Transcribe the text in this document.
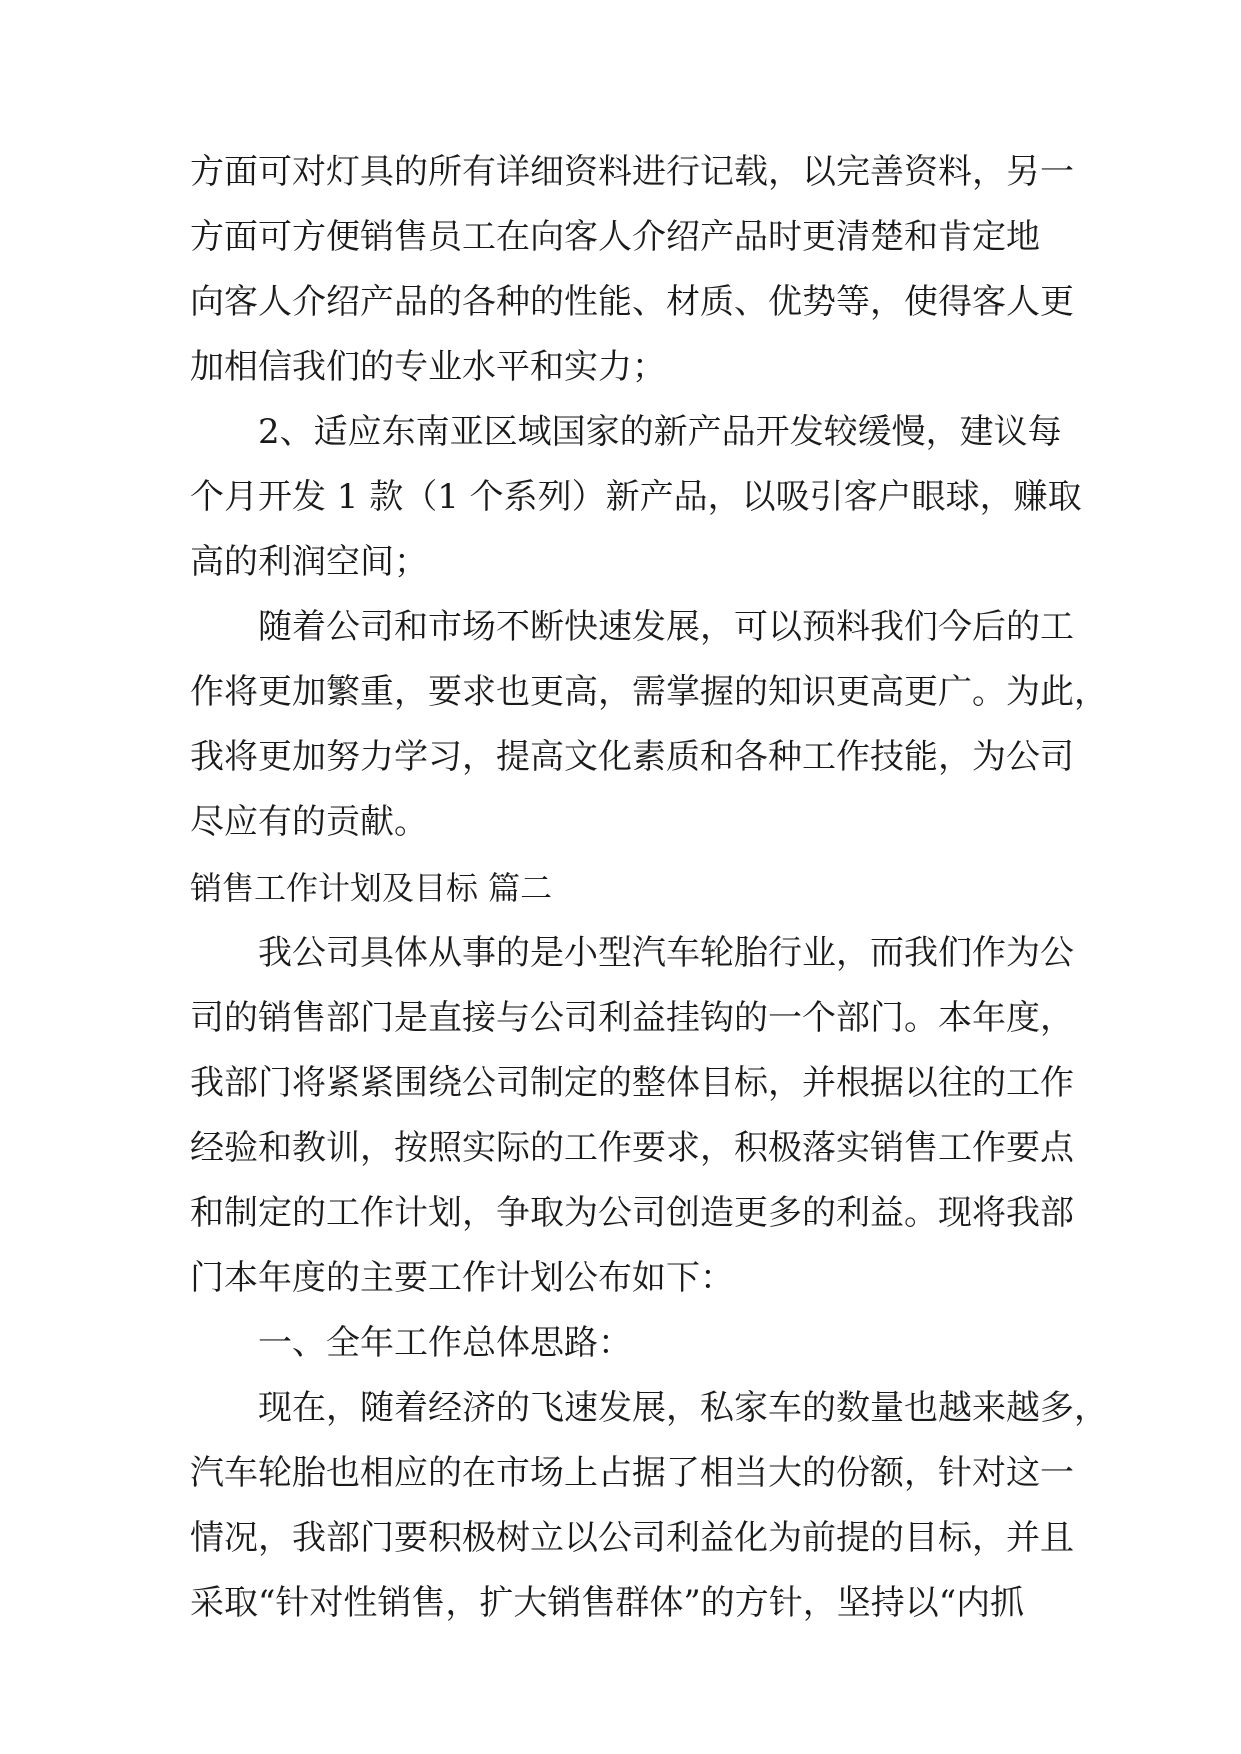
方面可对灯具的所有详细资料进行记载，以完善资料，另一
方面可方便销售员工在向客人介绍产品时更清楚和肯定地
向客人介绍产品的各种的性能、材质、优势等，使得客人更
加相信我们的专业水平和实力；
2、适应东南亚区域国家的新产品开发较缓慢，建议每
个月开发 1 款（1 个系列）新产品，以吸引客户眼球，赚取
高的利润空间；
随着公司和市场不断快速发展，可以预料我们今后的工
作将更加繁重，要求也更高，需掌握的知识更高更广。为此，
我将更加努力学习，提高文化素质和各种工作技能，为公司
尽应有的贡献。
销售工作计划及目标 篇二
我公司具体从事的是小型汽车轮胎行业，而我们作为公
司的销售部门是直接与公司利益挂钩的一个部门。本年度，
我部门将紧紧围绕公司制定的整体目标，并根据以往的工作
经验和教训，按照实际的工作要求，积极落实销售工作要点
和制定的工作计划，争取为公司创造更多的利益。现将我部
门本年度的主要工作计划公布如下：
一、全年工作总体思路：
现在，随着经济的飞速发展，私家车的数量也越来越多，
汽车轮胎也相应的在市场上占据了相当大的份额，针对这一
情况，我部门要积极树立以公司利益化为前提的目标，并且
采取“针对性销售，扩大销售群体”的方针，坚持以“内抓
